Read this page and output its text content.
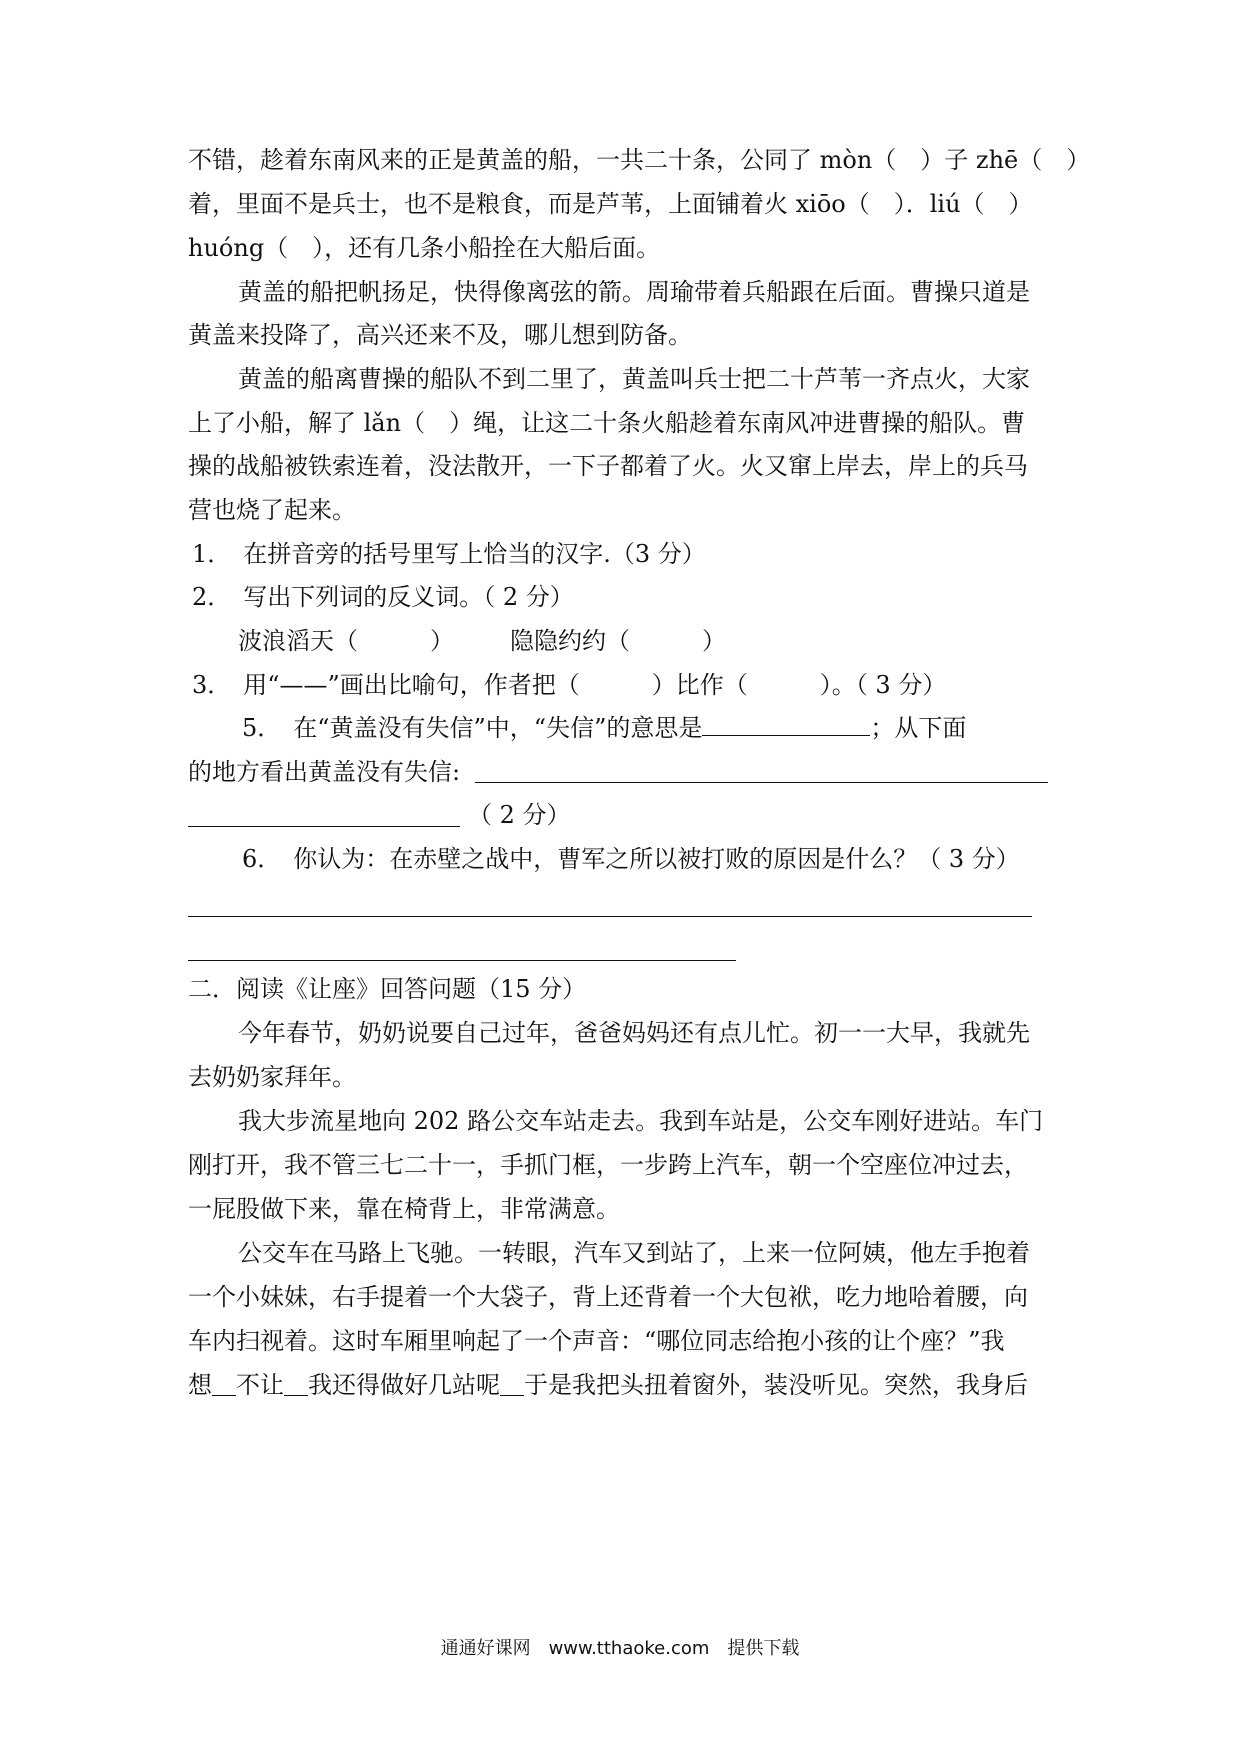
不错，趁着东南风来的正是黄盖的船，一共二十条，公同了 mòn（　）子 zhē（　）
着，里面不是兵士，也不是粮食，而是芦苇，上面铺着火 xiōo（　）．liú（　）
huóng（　），还有几条小船拴在大船后面。
黄盖的船把帆扬足，快得像离弦的箭。周瑜带着兵船跟在后面。曹操只道是
黄盖来投降了，高兴还来不及，哪儿想到防备。
黄盖的船离曹操的船队不到二里了，黄盖叫兵士把二十芦苇一齐点火，大家
上了小船，解了 lǎn（　）绳，让这二十条火船趁着东南风冲进曹操的船队。曹
操的战船被铁索连着，没法散开，一下子都着了火。火又窜上岸去，岸上的兵马
营也烧了起来。
1．　在拼音旁的括号里写上恰当的汉字.（3 分）
2．　写出下列词的反义词。（ 2 分）
波浪滔天（　　　）	隐隐约约（　　　）
3．　用“——”画出比喻句，作者把（　　　）比作（　　　）。（ 3 分）
5．　在“黄盖没有失信”中，“失信”的意思是	；从下面
的地方看出黄盖没有失信:
（ 2 分）
6．　你认为：在赤壁之战中，曹军之所以被打败的原因是什么？（ 3 分）
二．阅读《让座》回答问题（15 分）
今年春节，奶奶说要自己过年，爸爸妈妈还有点儿忙。初一一大早，我就先
去奶奶家拜年。
我大步流星地向 202 路公交车站走去。我到车站是，公交车刚好进站。车门
刚打开，我不管三七二十一，手抓门框，一步跨上汽车，朝一个空座位冲过去，
一屁股做下来，靠在椅背上，非常满意。
公交车在马路上飞驰。一转眼，汽车又到站了，上来一位阿姨，他左手抱着
一个小妹妹，右手提着一个大袋子，背上还背着一个大包袱，吃力地哈着腰，向
车内扫视着。这时车厢里响起了一个声音：“哪位同志给抱小孩的让个座？”我
想＿不让＿我还得做好几站呢＿于是我把头扭着窗外，装没听见。突然，我身后
通通好课网　www.tthaoke.com　提供下载
